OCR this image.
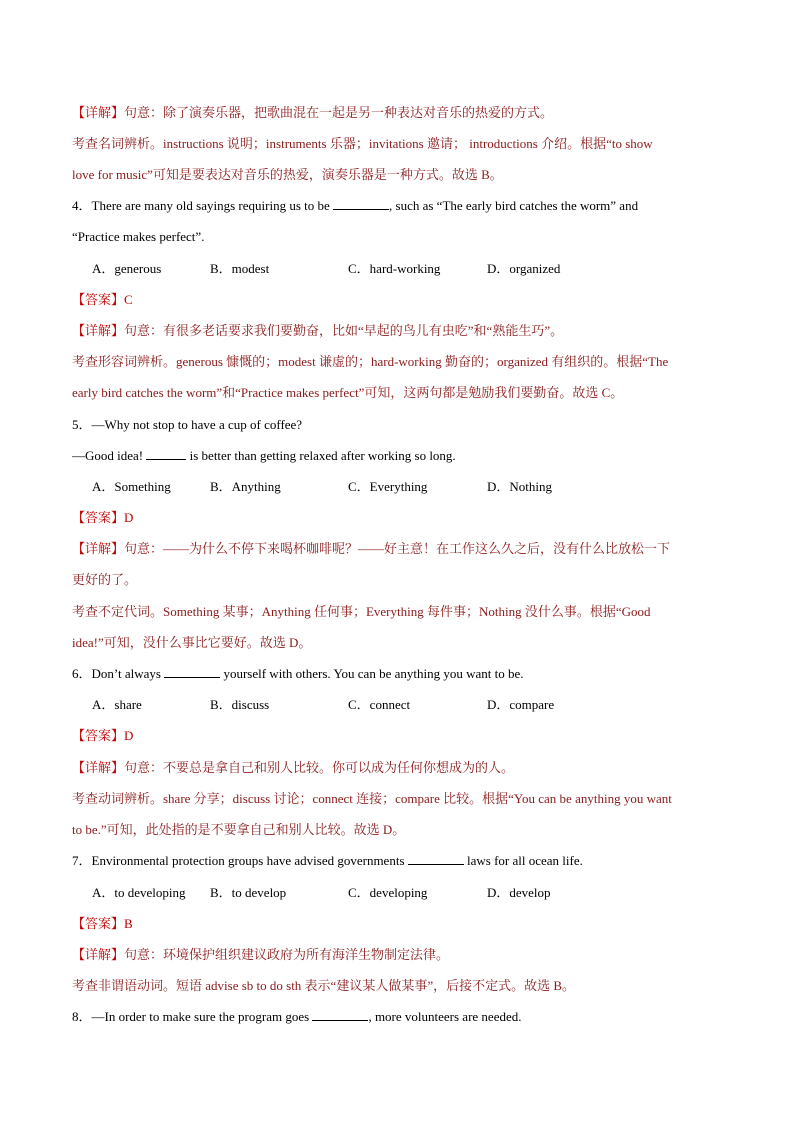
【详解】句意：除了演奏乐器，把歌曲混在一起是另一种表达对音乐的热爱的方式。
考查名词辨析。instructions 说明；instruments 乐器；invitations 邀请； introductions 介绍。根据“to show
love for music”可知是要表达对音乐的热爱，演奏乐器是一种方式。故选 B。
4．There are many old sayings requiring us to be	, such as “The early bird catches the worm” and
“Practice makes perfect”.
A．generous	B．modest	C．hard-working	D．organized
【答案】C
【详解】句意：有很多老话要求我们要勤奋，比如“早起的鸟儿有虫吃”和“熟能生巧”。
考查形容词辨析。generous 慷慨的；modest 谦虚的；hard-working 勤奋的；organized 有组织的。根据“The
early bird catches the worm”和“Practice makes perfect”可知，这两句都是勉励我们要勤奋。故选 C。
5．—Why not stop to have a cup of coffee?
—Good idea!	is better than getting relaxed after working so long.
A．Something	B．Anything	C．Everything	D．Nothing
【答案】D
【详解】句意：——为什么不停下来喝杯咖啡呢？——好主意！在工作这么久之后，没有什么比放松一下
更好的了。
考查不定代词。Something 某事；Anything 任何事；Everything 每件事；Nothing 没什么事。根据“Good
idea!”可知，没什么事比它要好。故选 D。
6．Don’t always	yourself with others. You can be anything you want to be.
A．share	B．discuss	C．connect	D．compare
【答案】D
【详解】句意：不要总是拿自己和别人比较。你可以成为任何你想成为的人。
考查动词辨析。share 分享；discuss 讨论；connect 连接；compare 比较。根据“You can be anything you want
to be.”可知，此处指的是不要拿自己和别人比较。故选 D。
7．Environmental protection groups have advised governments	laws for all ocean life.
A．to developing B．to develop	C．developing	D．develop
【答案】B
【详解】句意：环境保护组织建议政府为所有海洋生物制定法律。
考查非谓语动词。短语 advise sb to do sth 表示“建议某人做某事”，后接不定式。故选 B。
8．—In order to make sure the program goes	, more volunteers are needed.
